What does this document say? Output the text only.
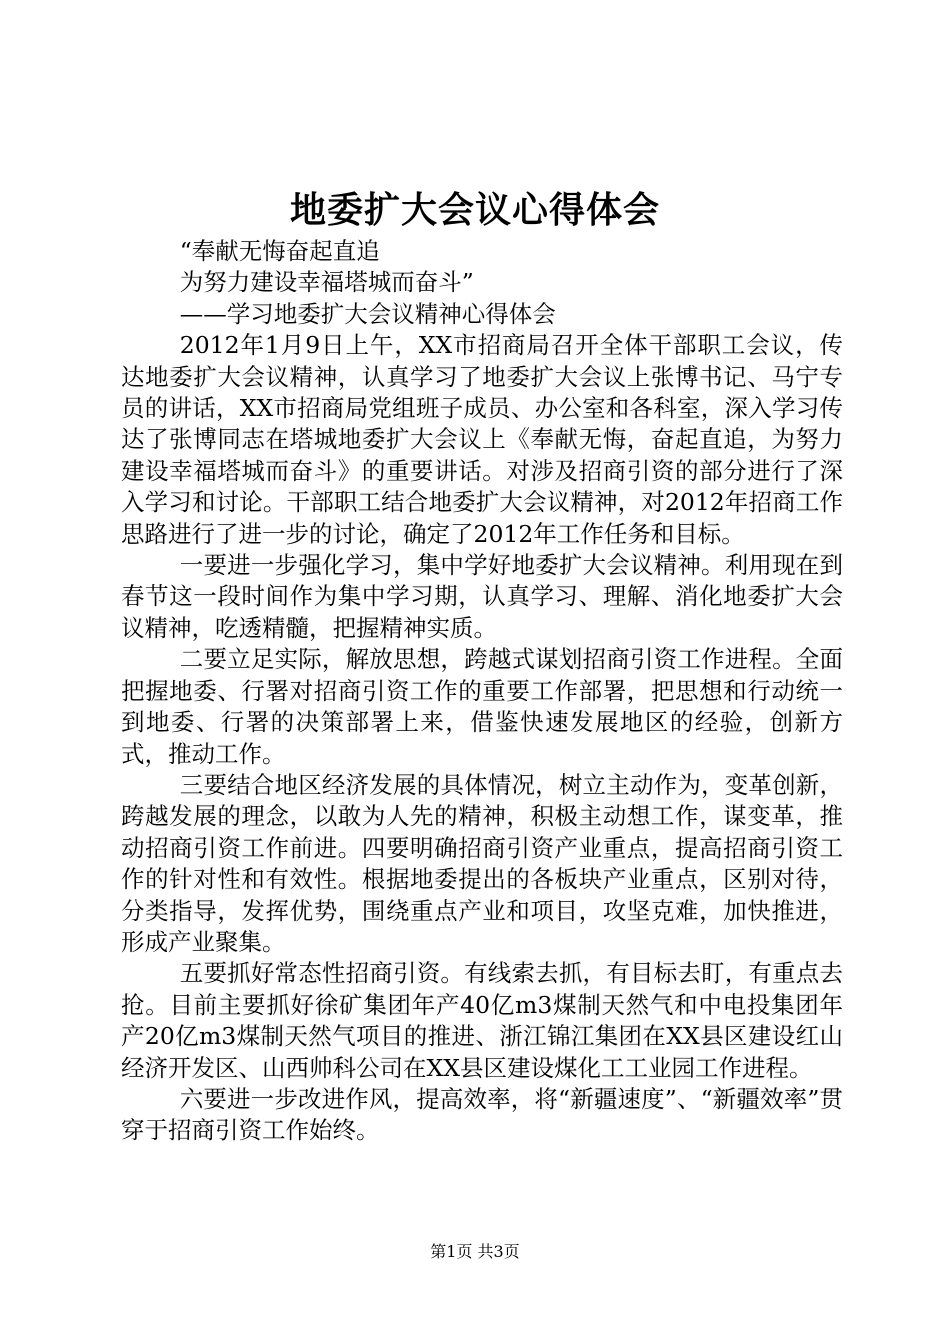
地委扩大会议心得体会

“奉献无悔奋起直追

为努力建设幸福塔城而奋斗”

——学习地委扩大会议精神心得体会

2012年1月9日上午，XX市招商局召开全体干部职工会议，传达地委扩大会议精神，认真学习了地委扩大会议上张博书记、马宁专员的讲话，XX市招商局党组班子成员、办公室和各科室，深入学习传达了张博同志在塔城地委扩大会议上《奉献无悔，奋起直追，为努力建设幸福塔城而奋斗》的重要讲话。对涉及招商引资的部分进行了深入学习和讨论。干部职工结合地委扩大会议精神，对2012年招商工作思路进行了进一步的讨论，确定了2012年工作任务和目标。

一要进一步强化学习，集中学好地委扩大会议精神。利用现在到春节这一段时间作为集中学习期，认真学习、理解、消化地委扩大会议精神，吃透精髓，把握精神实质。

二要立足实际，解放思想，跨越式谋划招商引资工作进程。全面把握地委、行署对招商引资工作的重要工作部署，把思想和行动统一到地委、行署的决策部署上来，借鉴快速发展地区的经验，创新方式，推动工作。

三要结合地区经济发展的具体情况，树立主动作为，变革创新，跨越发展的理念，以敢为人先的精神，积极主动想工作，谋变革，推动招商引资工作前进。四要明确招商引资产业重点，提高招商引资工作的针对性和有效性。根据地委提出的各板块产业重点，区别对待，分类指导，发挥优势，围绕重点产业和项目，攻坚克难，加快推进，形成产业聚集。

五要抓好常态性招商引资。有线索去抓，有目标去盯，有重点去抢。目前主要抓好徐矿集团年产40亿m3煤制天然气和中电投集团年产20亿m3煤制天然气项目的推进、浙江锦江集团在XX县区建设红山经济开发区、山西帅科公司在XX县区建设煤化工工业园工作进程。

六要进一步改进作风，提高效率，将“新疆速度”、“新疆效率”贯穿于招商引资工作始终。

第1页 共3页
